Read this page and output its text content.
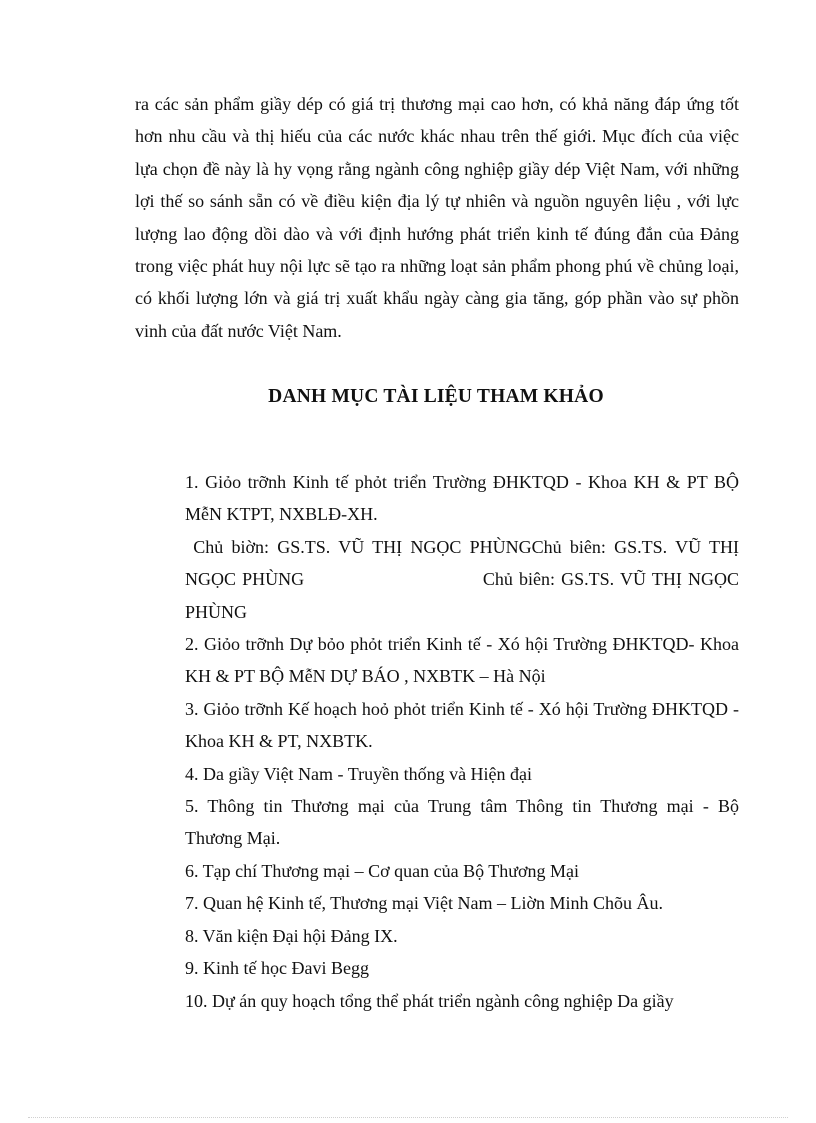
ra các sản phẩm giầy dép có giá trị thương mại cao hơn, có khả năng đáp ứng tốt hơn nhu cầu và thị hiếu của các nước khác nhau trên thế giới. Mục đích của việc lựa chọn đề này là hy vọng rằng ngành công nghiệp giầy dép Việt Nam, với những lợi thế so sánh sẵn có về điều kiện địa lý tự nhiên và nguồn nguyên liệu , với lực lượng lao động dồi dào và với định hướng phát triển kinh tế đúng đắn của Đảng trong việc phát huy nội lực sẽ tạo ra những loạt sản phẩm phong phú về chủng loại, có khối lượng lớn và giá trị xuất khẩu ngày càng gia tăng, góp phần vào sự phồn vinh của đất nước Việt Nam.

DANH MỤC TÀI LIỆU THAM KHẢO
1. Giỏo trỡnh Kinh tế phỏt triển Trường ĐHKTQD - Khoa KH & PT BỘ MễN KTPT, NXBLĐ-XH.
Chủ biờn: GS.TS. VŨ THỊ NGỌC PHÙNGChủ biên: GS.TS. VŨ THỊ NGỌC PHÙNG                             Chủ biên: GS.TS. VŨ THỊ NGỌC PHÙNG
2. Giỏo trỡnh Dự bỏo phỏt triển Kinh tế - Xó hội Trường ĐHKTQD- Khoa KH & PT BỘ MễN DỰ BÁO , NXBTK – Hà Nội
3. Giỏo trỡnh Kế hoạch hoỏ phỏt triển Kinh tế - Xó hội Trường ĐHKTQD - Khoa KH & PT, NXBTK.
4. Da giầy Việt Nam - Truyền thống và Hiện đại
5. Thông tin Thương mại của Trung tâm Thông tin Thương mại - Bộ Thương Mại.
6. Tạp chí Thương mại – Cơ quan của Bộ Thương Mại
7. Quan hệ Kinh tế, Thương mại Việt Nam – Liờn Minh Chõu Âu.
8. Văn kiện Đại hội Đảng IX.
9. Kinh tế học Đavi Begg
10. Dự án quy hoạch tổng thể phát triển ngành công nghiệp Da giầy
